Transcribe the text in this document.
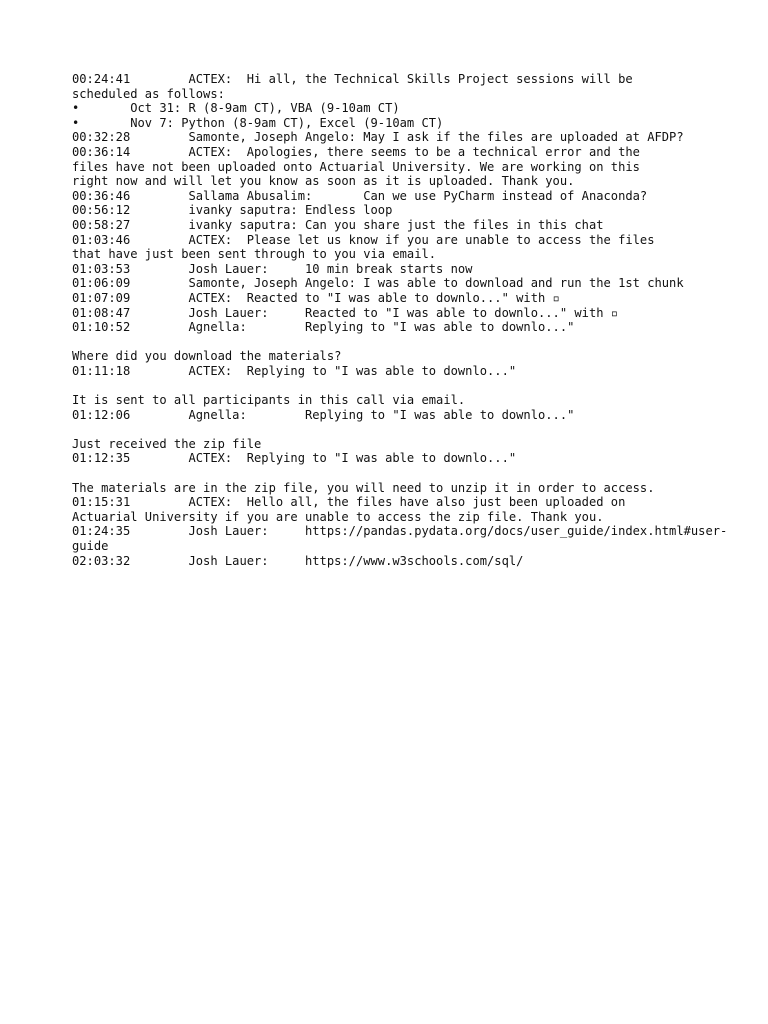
00:24:41	ACTEX:	Hi all, the Technical Skills Project sessions will be
scheduled as follows:
•	Oct 31: R (8-9am CT), VBA (9-10am CT)
•	Nov 7: Python (8-9am CT), Excel (9-10am CT)
00:32:28	Samonte, Joseph Angelo:	May I ask if the files are uploaded at AFDP?
00:36:14	ACTEX:	Apologies, there seems to be a technical error and the
files have not been uploaded onto Actuarial University. We are working on this
right now and will let you know as soon as it is uploaded. Thank you.
00:36:46	Sallama Abusalim:	Can we use PyCharm instead of Anaconda?
00:56:12	ivanky saputra:	Endless loop
00:58:27	ivanky saputra:	Can you share just the files in this chat
01:03:46	ACTEX:	Please let us know if you are unable to access the files
that have just been sent through to you via email.
01:03:53	Josh Lauer:	10 min break starts now
01:06:09	Samonte, Joseph Angelo:	I was able to download and run the 1st chunk
01:07:09	ACTEX:	Reacted to "I was able to downlo..." with ▫
01:08:47	Josh Lauer:	Reacted to "I was able to downlo..." with ▫
01:10:52	Agnella:	Replying to "I was able to downlo..."
Where did you download the materials?
01:11:18	ACTEX:	Replying to "I was able to downlo..."
It is sent to all participants in this call via email.
01:12:06	Agnella:	Replying to "I was able to downlo..."
Just received the zip file
01:12:35	ACTEX:	Replying to "I was able to downlo..."
The materials are in the zip file, you will need to unzip it in order to access.
01:15:31	ACTEX:	Hello all, the files have also just been uploaded on
Actuarial University if you are unable to access the zip file. Thank you.
01:24:35	Josh Lauer:	https://pandas.pydata.org/docs/user_guide/index.html#user-
guide
02:03:32	Josh Lauer:	https://www.w3schools.com/sql/
